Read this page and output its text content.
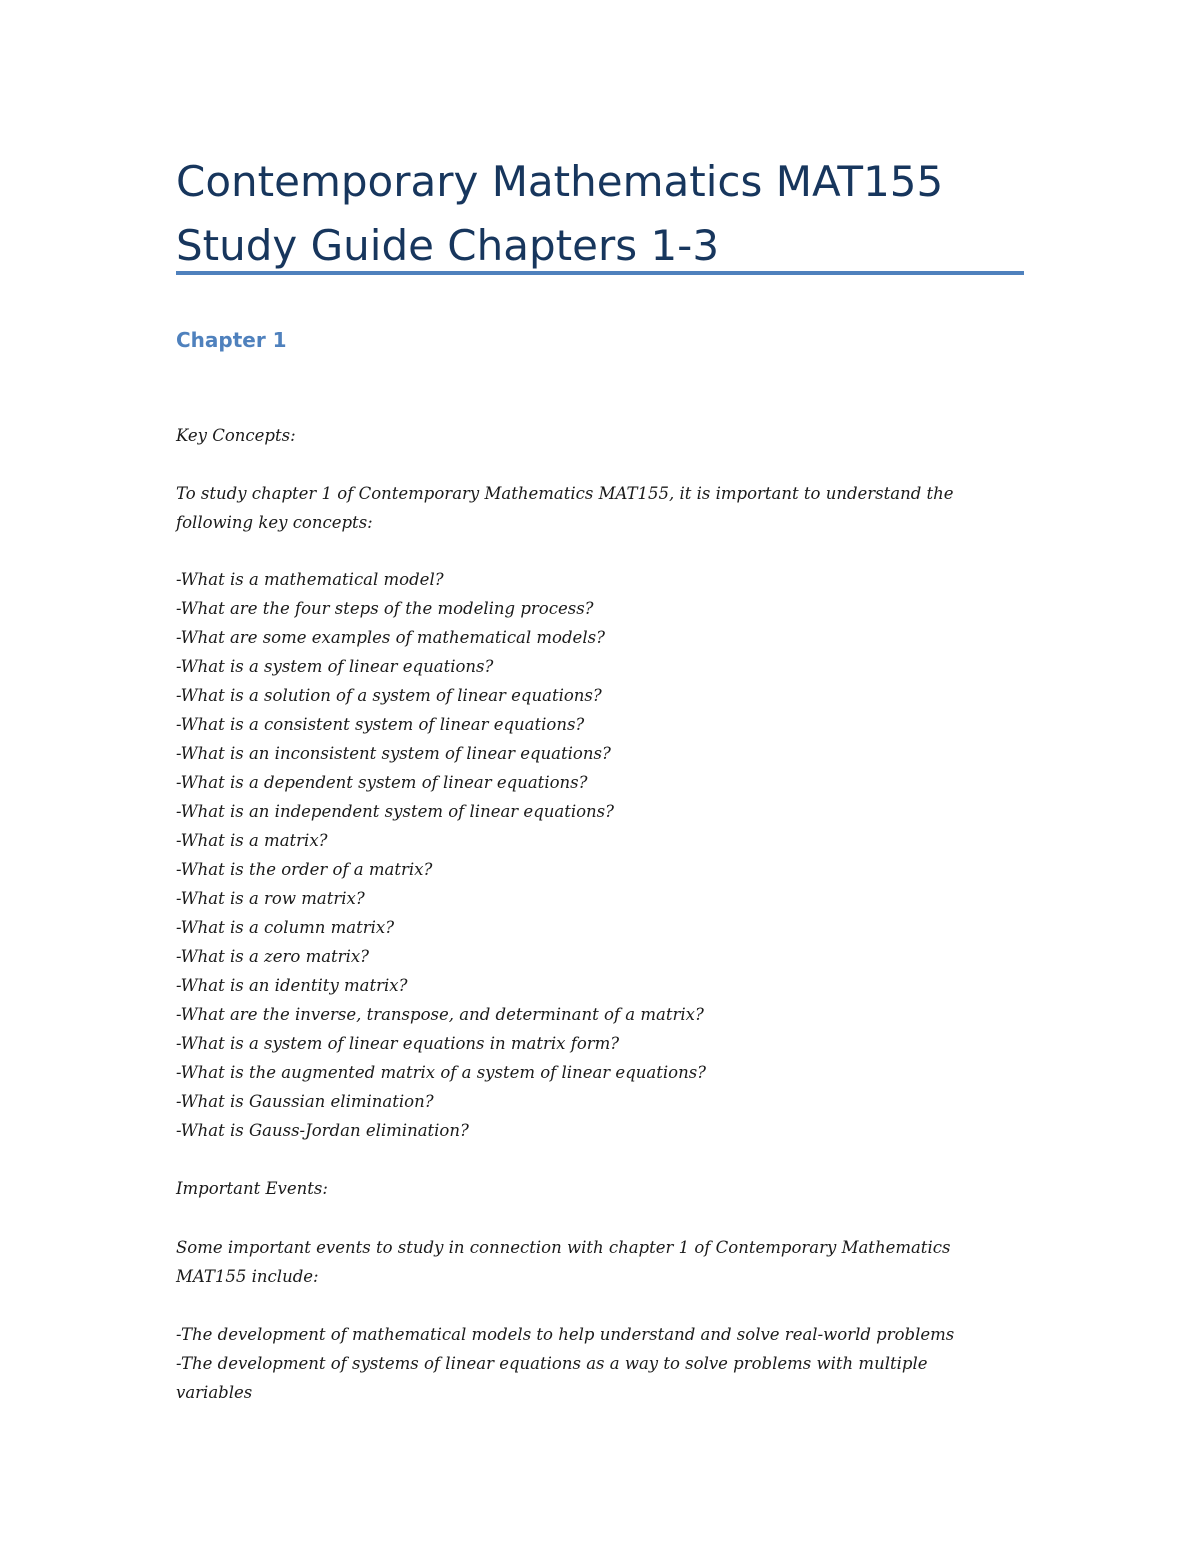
Contemporary Mathematics MAT155
Study Guide Chapters 1-3
Chapter 1

Key Concepts:

To study chapter 1 of Contemporary Mathematics MAT155, it is important to understand the
following key concepts:

-What is a mathematical model?
-What are the four steps of the modeling process?
-What are some examples of mathematical models?
-What is a system of linear equations?
-What is a solution of a system of linear equations?
-What is a consistent system of linear equations?
-What is an inconsistent system of linear equations?
-What is a dependent system of linear equations?
-What is an independent system of linear equations?
-What is a matrix?
-What is the order of a matrix?
-What is a row matrix?
-What is a column matrix?
-What is a zero matrix?
-What is an identity matrix?
-What are the inverse, transpose, and determinant of a matrix?
-What is a system of linear equations in matrix form?
-What is the augmented matrix of a system of linear equations?
-What is Gaussian elimination?
-What is Gauss-Jordan elimination?

Important Events:

Some important events to study in connection with chapter 1 of Contemporary Mathematics
MAT155 include:

-The development of mathematical models to help understand and solve real-world problems
-The development of systems of linear equations as a way to solve problems with multiple
variables
